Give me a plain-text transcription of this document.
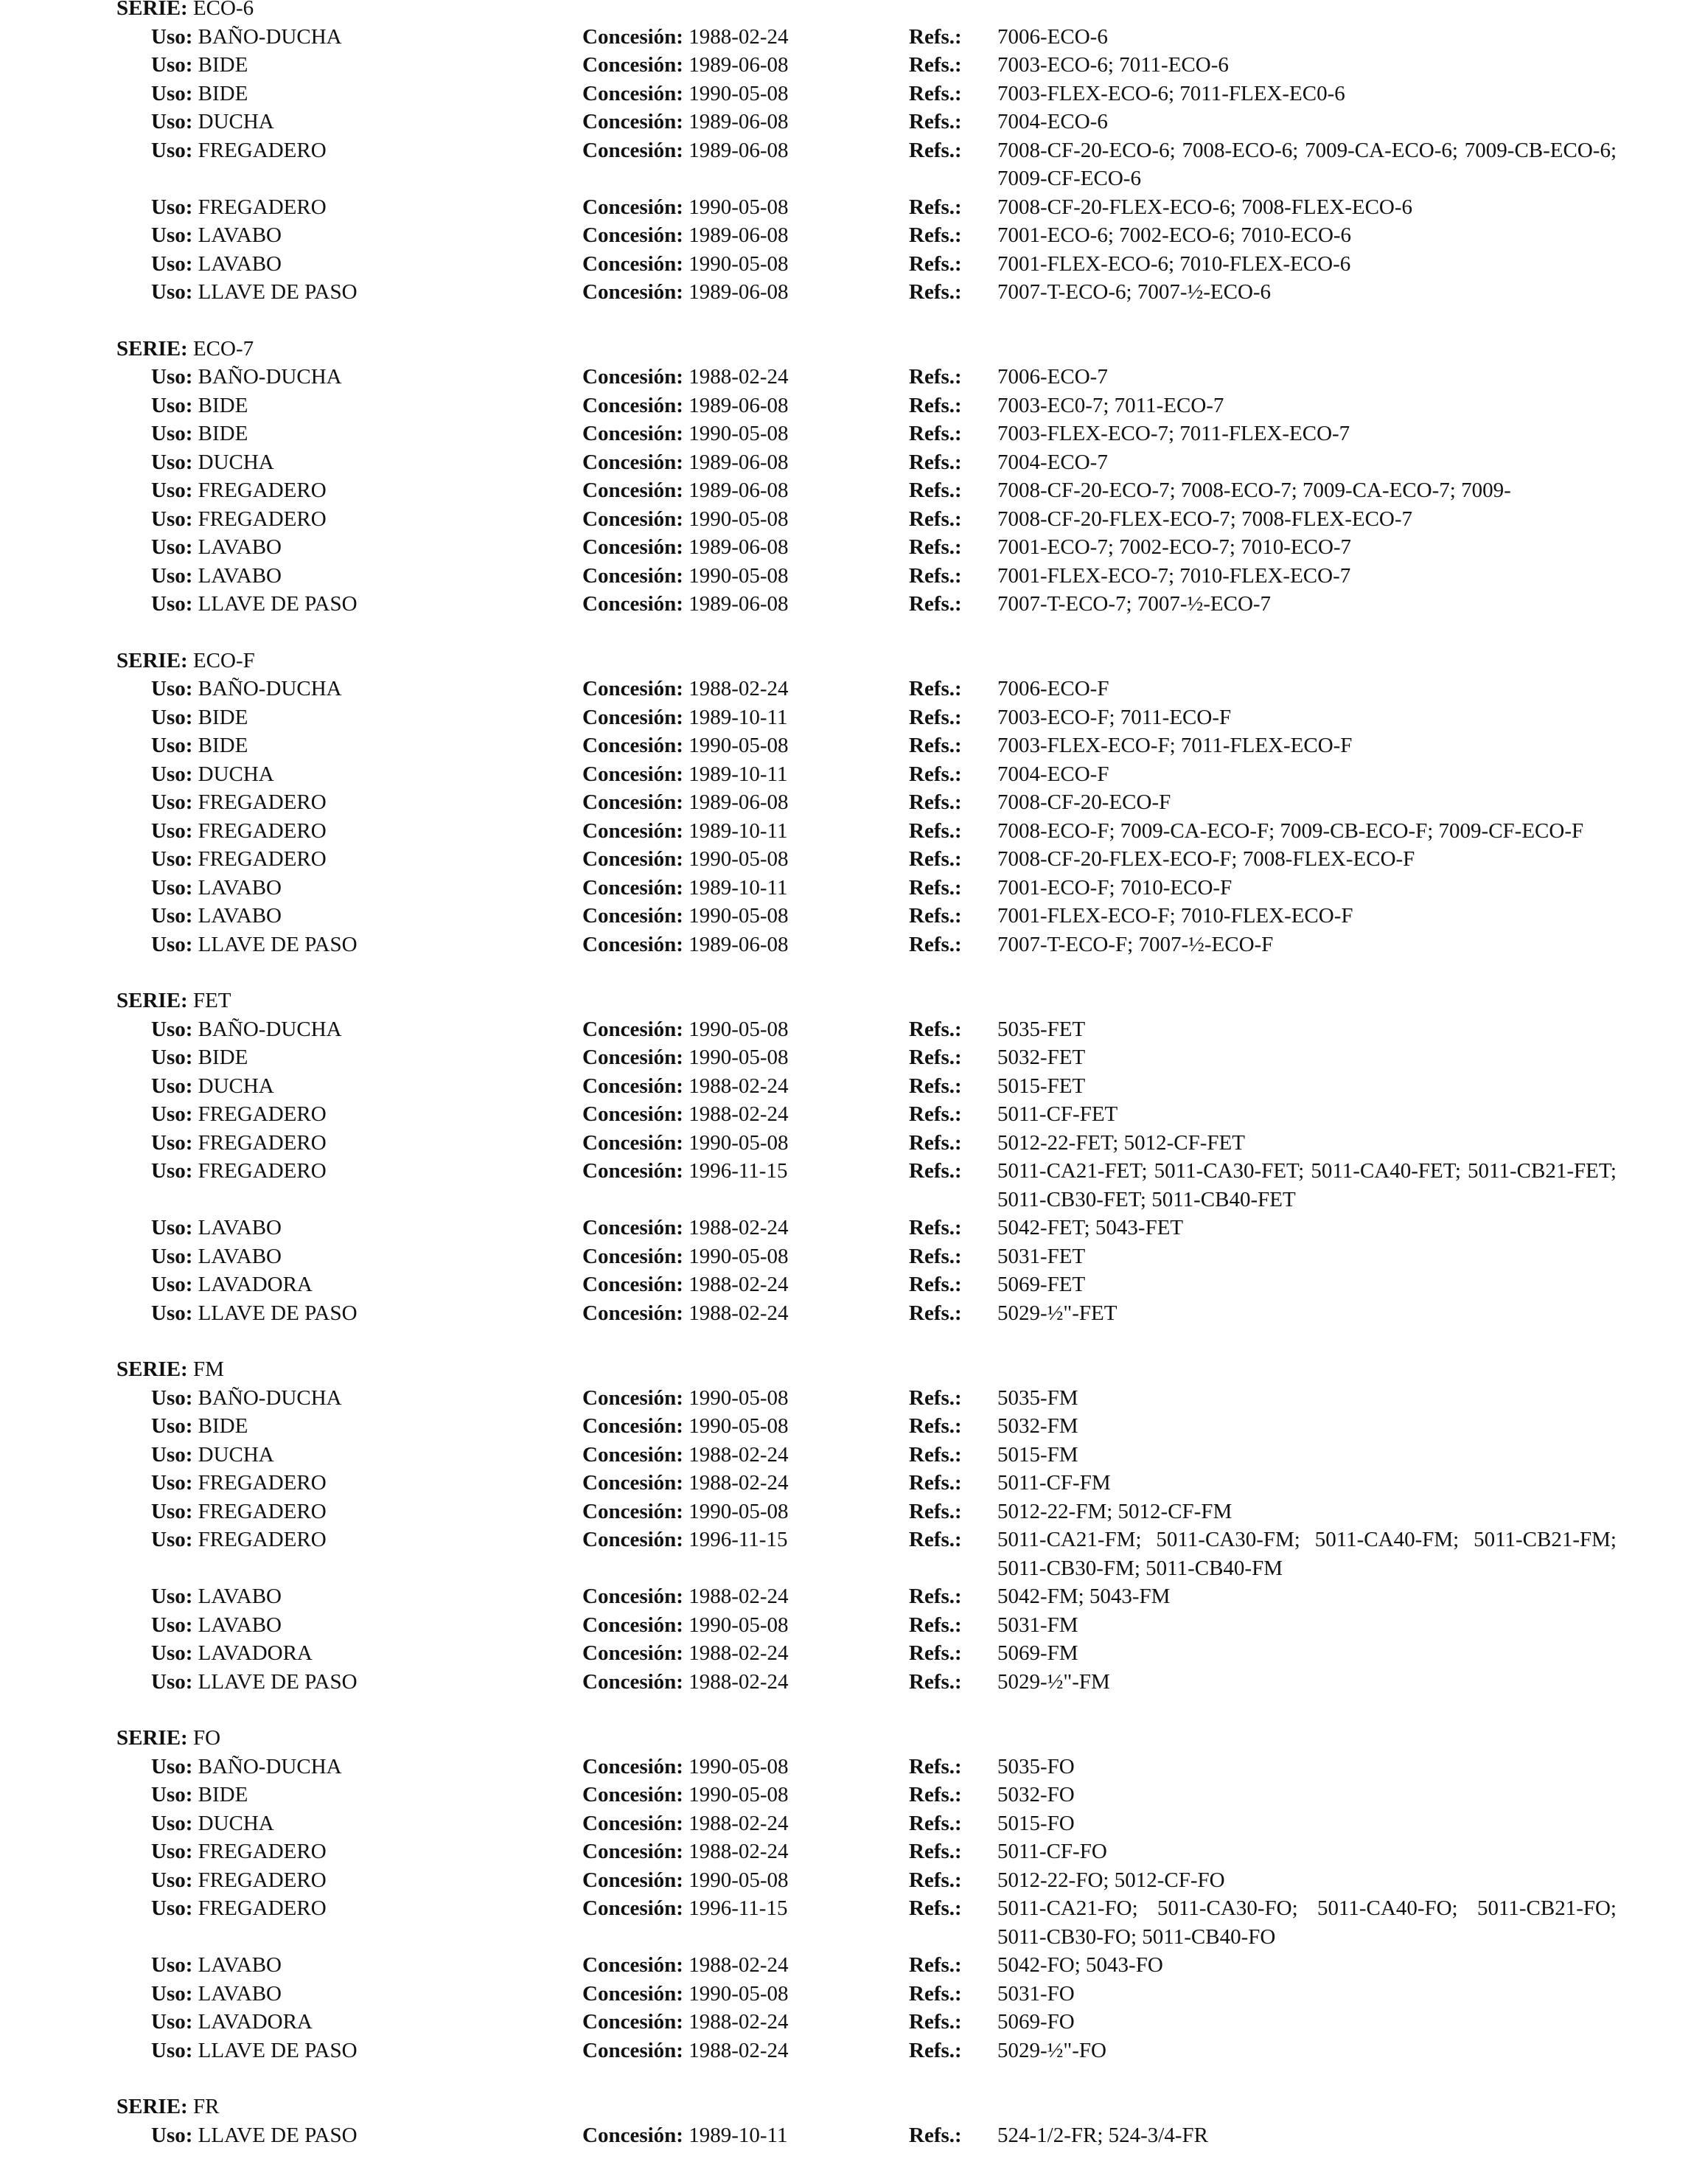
SERIE: ECO-6
Uso: BAÑO-DUCHA	Concesión: 1988-02-24	Refs.: 7006-ECO-6
Uso: BIDE	Concesión: 1989-06-08	Refs.: 7003-ECO-6; 7011-ECO-6
Uso: BIDE	Concesión: 1990-05-08	Refs.: 7003-FLEX-ECO-6; 7011-FLEX-EC0-6
Uso: DUCHA	Concesión: 1989-06-08	Refs.: 7004-ECO-6
Uso: FREGADERO	Concesión: 1989-06-08	Refs.: 7008-CF-20-ECO-6; 7008-ECO-6; 7009-CA-ECO-6; 7009-CB-ECO-6; 7009-CF-ECO-6
Uso: FREGADERO	Concesión: 1990-05-08	Refs.: 7008-CF-20-FLEX-ECO-6; 7008-FLEX-ECO-6
Uso: LAVABO	Concesión: 1989-06-08	Refs.: 7001-ECO-6; 7002-ECO-6; 7010-ECO-6
Uso: LAVABO	Concesión: 1990-05-08	Refs.: 7001-FLEX-ECO-6; 7010-FLEX-ECO-6
Uso: LLAVE DE PASO	Concesión: 1989-06-08	Refs.: 7007-T-ECO-6; 7007-½-ECO-6
SERIE: ECO-7
Uso: BAÑO-DUCHA	Concesión: 1988-02-24	Refs.: 7006-ECO-7
Uso: BIDE	Concesión: 1989-06-08	Refs.: 7003-EC0-7; 7011-ECO-7
Uso: BIDE	Concesión: 1990-05-08	Refs.: 7003-FLEX-ECO-7; 7011-FLEX-ECO-7
Uso: DUCHA	Concesión: 1989-06-08	Refs.: 7004-ECO-7
Uso: FREGADERO	Concesión: 1989-06-08	Refs.: 7008-CF-20-ECO-7; 7008-ECO-7; 7009-CA-ECO-7; 7009-
Uso: FREGADERO	Concesión: 1990-05-08	Refs.: 7008-CF-20-FLEX-ECO-7; 7008-FLEX-ECO-7
Uso: LAVABO	Concesión: 1989-06-08	Refs.: 7001-ECO-7; 7002-ECO-7; 7010-ECO-7
Uso: LAVABO	Concesión: 1990-05-08	Refs.: 7001-FLEX-ECO-7; 7010-FLEX-ECO-7
Uso: LLAVE DE PASO	Concesión: 1989-06-08	Refs.: 7007-T-ECO-7; 7007-½-ECO-7
SERIE: ECO-F
Uso: BAÑO-DUCHA	Concesión: 1988-02-24	Refs.: 7006-ECO-F
Uso: BIDE	Concesión: 1989-10-11	Refs.: 7003-ECO-F; 7011-ECO-F
Uso: BIDE	Concesión: 1990-05-08	Refs.: 7003-FLEX-ECO-F; 7011-FLEX-ECO-F
Uso: DUCHA	Concesión: 1989-10-11	Refs.: 7004-ECO-F
Uso: FREGADERO	Concesión: 1989-06-08	Refs.: 7008-CF-20-ECO-F
Uso: FREGADERO	Concesión: 1989-10-11	Refs.: 7008-ECO-F; 7009-CA-ECO-F; 7009-CB-ECO-F; 7009-CF-ECO-F
Uso: FREGADERO	Concesión: 1990-05-08	Refs.: 7008-CF-20-FLEX-ECO-F; 7008-FLEX-ECO-F
Uso: LAVABO	Concesión: 1989-10-11	Refs.: 7001-ECO-F; 7010-ECO-F
Uso: LAVABO	Concesión: 1990-05-08	Refs.: 7001-FLEX-ECO-F; 7010-FLEX-ECO-F
Uso: LLAVE DE PASO	Concesión: 1989-06-08	Refs.: 7007-T-ECO-F; 7007-½-ECO-F
SERIE: FET
Uso: BAÑO-DUCHA	Concesión: 1990-05-08	Refs.: 5035-FET
Uso: BIDE	Concesión: 1990-05-08	Refs.: 5032-FET
Uso: DUCHA	Concesión: 1988-02-24	Refs.: 5015-FET
Uso: FREGADERO	Concesión: 1988-02-24	Refs.: 5011-CF-FET
Uso: FREGADERO	Concesión: 1990-05-08	Refs.: 5012-22-FET; 5012-CF-FET
Uso: FREGADERO	Concesión: 1996-11-15	Refs.: 5011-CA21-FET; 5011-CA30-FET; 5011-CA40-FET; 5011-CB21-FET; 5011-CB30-FET; 5011-CB40-FET
Uso: LAVABO	Concesión: 1988-02-24	Refs.: 5042-FET; 5043-FET
Uso: LAVABO	Concesión: 1990-05-08	Refs.: 5031-FET
Uso: LAVADORA	Concesión: 1988-02-24	Refs.: 5069-FET
Uso: LLAVE DE PASO	Concesión: 1988-02-24	Refs.: 5029-½"-FET
SERIE: FM
Uso: BAÑO-DUCHA	Concesión: 1990-05-08	Refs.: 5035-FM
Uso: BIDE	Concesión: 1990-05-08	Refs.: 5032-FM
Uso: DUCHA	Concesión: 1988-02-24	Refs.: 5015-FM
Uso: FREGADERO	Concesión: 1988-02-24	Refs.: 5011-CF-FM
Uso: FREGADERO	Concesión: 1990-05-08	Refs.: 5012-22-FM; 5012-CF-FM
Uso: FREGADERO	Concesión: 1996-11-15	Refs.: 5011-CA21-FM; 5011-CA30-FM; 5011-CA40-FM; 5011-CB21-FM; 5011-CB30-FM; 5011-CB40-FM
Uso: LAVABO	Concesión: 1988-02-24	Refs.: 5042-FM; 5043-FM
Uso: LAVABO	Concesión: 1990-05-08	Refs.: 5031-FM
Uso: LAVADORA	Concesión: 1988-02-24	Refs.: 5069-FM
Uso: LLAVE DE PASO	Concesión: 1988-02-24	Refs.: 5029-½"-FM
SERIE: FO
Uso: BAÑO-DUCHA	Concesión: 1990-05-08	Refs.: 5035-FO
Uso: BIDE	Concesión: 1990-05-08	Refs.: 5032-FO
Uso: DUCHA	Concesión: 1988-02-24	Refs.: 5015-FO
Uso: FREGADERO	Concesión: 1988-02-24	Refs.: 5011-CF-FO
Uso: FREGADERO	Concesión: 1990-05-08	Refs.: 5012-22-FO; 5012-CF-FO
Uso: FREGADERO	Concesión: 1996-11-15	Refs.: 5011-CA21-FO; 5011-CA30-FO; 5011-CA40-FO; 5011-CB21-FO; 5011-CB30-FO; 5011-CB40-FO
Uso: LAVABO	Concesión: 1988-02-24	Refs.: 5042-FO; 5043-FO
Uso: LAVABO	Concesión: 1990-05-08	Refs.: 5031-FO
Uso: LAVADORA	Concesión: 1988-02-24	Refs.: 5069-FO
Uso: LLAVE DE PASO	Concesión: 1988-02-24	Refs.: 5029-½"-FO
SERIE: FR
Uso: LLAVE DE PASO	Concesión: 1989-10-11	Refs.: 524-1/2-FR; 524-3/4-FR
